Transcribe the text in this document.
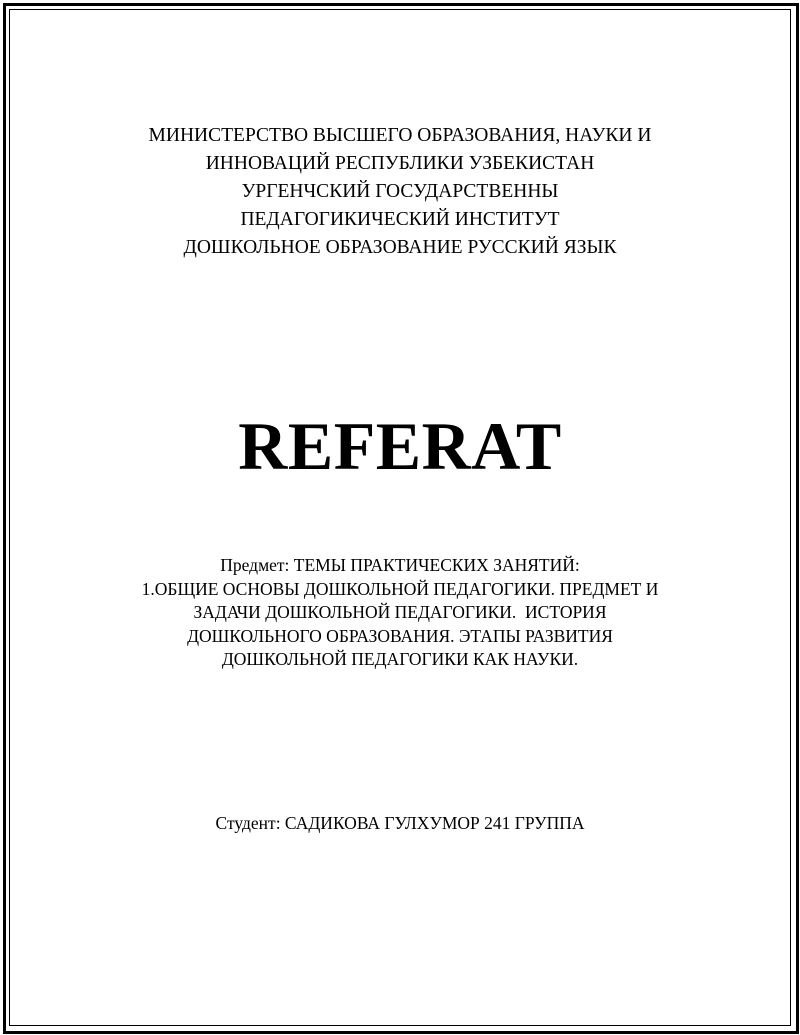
МИНИСТЕРСТВО ВЫСШЕГО ОБРАЗОВАНИЯ, НАУКИ И
ИННОВАЦИЙ РЕСПУБЛИКИ УЗБЕКИСТАН
УРГЕНЧСКИЙ ГОСУДАРСТВЕННЫ
ПЕДАГОГИКИЧЕСКИЙ ИНСТИТУТ
ДОШКОЛЬНОЕ ОБРАЗОВАНИЕ РУССКИЙ ЯЗЫК
REFERAT
Предмет: ТЕМЫ ПРАКТИЧЕСКИХ ЗАНЯТИЙ:
1.ОБЩИЕ ОСНОВЫ ДОШКОЛЬНОЙ ПЕДАГОГИКИ. ПРЕДМЕТ И
ЗАДАЧИ ДОШКОЛЬНОЙ ПЕДАГОГИКИ.  ИСТОРИЯ
ДОШКОЛЬНОГО ОБРАЗОВАНИЯ. ЭТАПЫ РАЗВИТИЯ
ДОШКОЛЬНОЙ ПЕДАГОГИКИ КАК НАУКИ.
Студент: САДИКОВА ГУЛХУМОР 241 ГРУППА
